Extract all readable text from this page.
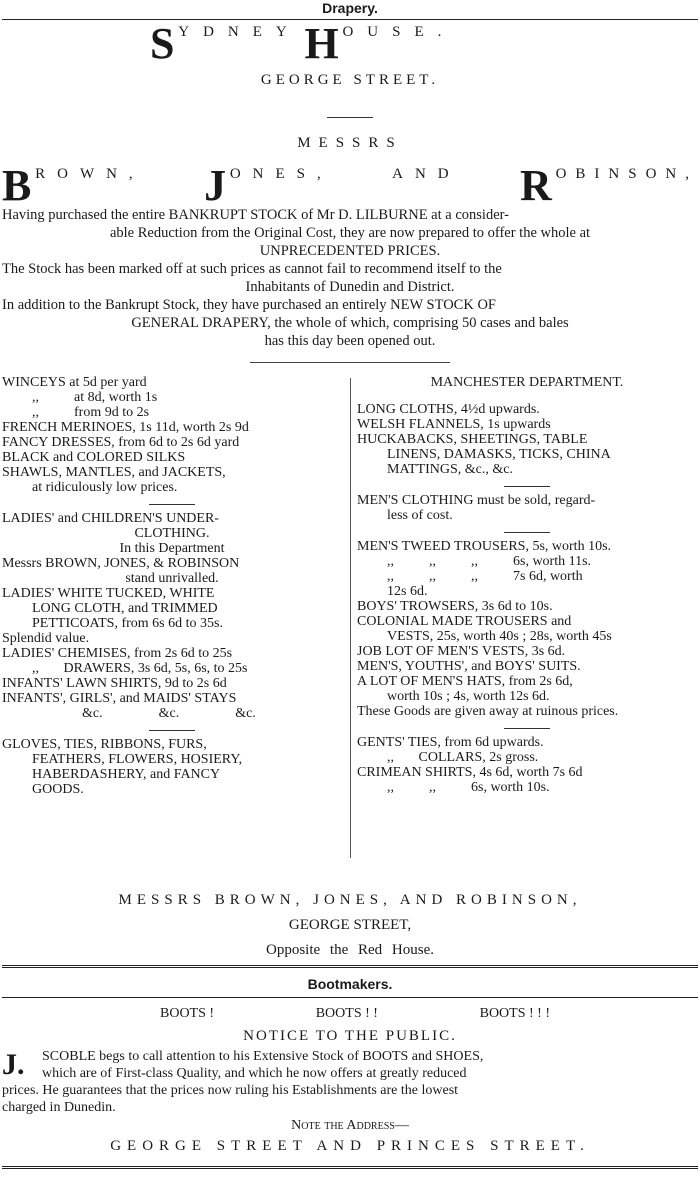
Drapery.
S YDNEY H OUSE.
GEORGE STREET.
MESSRS
B ROWN, J ONES,	AND R OBINSON,
Having purchased the entire BANKRUPT STOCK of Mr D. LILBURNE at a consider-
able Reduction from the Original Cost, they are now prepared to offer the whole at
UNPRECEDENTED PRICES.
The Stock has been marked off at such prices as cannot fail to recommend itself to the
Inhabitants of Dunedin and District.
In addition to the Bankrupt Stock, they have purchased an entirely NEW STOCK OF
GENERAL DRAPERY, the whole of which, comprising 50 cases and bales
has this day been opened out.

WINCEYS at 5d per yard

,,          at 8d, worth 1s

,,          from 9d to 2s

FRENCH MERINOES, 1s 11d, worth 2s 9d

FANCY DRESSES, from 6d to 2s 6d yard

BLACK and COLORED SILKS

SHAWLS, MANTLES, and JACKETS,

at ridiculously low prices.

LADIES' and CHILDREN'S UNDER-

CLOTHING.

In this Department

Messrs BROWN, JONES, & ROBINSON

stand unrivalled.

LADIES' WHITE TUCKED, WHITE

LONG CLOTH, and TRIMMED

PETTICOATS, from 6s 6d to 35s.

Splendid value.

LADIES' CHEMISES, from 2s 6d to 25s

,,       DRAWERS, 3s 6d, 5s, 6s, to 25s

INFANTS' LAWN SHIRTS, 9d to 2s 6d

INFANTS', GIRLS', and MAIDS' STAYS

&c.                &c.                &c.

GLOVES, TIES, RIBBONS, FURS,

FEATHERS, FLOWERS, HOSIERY,

HABERDASHERY, and FANCY

GOODS.

MANCHESTER DEPARTMENT.

LONG CLOTHS, 4½d upwards.

WELSH FLANNELS, 1s upwards

HUCKABACKS, SHEETINGS, TABLE

LINENS, DAMASKS, TICKS, CHINA

MATTINGS, &c., &c.

MEN'S CLOTHING must be sold, regard-

less of cost.

MEN'S TWEED TROUSERS, 5s, worth 10s.

,,          ,,          ,,          6s, worth 11s.

,,          ,,          ,,          7s 6d, worth

12s 6d.

BOYS' TROWSERS, 3s 6d to 10s.

COLONIAL MADE TROUSERS and

VESTS, 25s, worth 40s ; 28s, worth 45s

JOB LOT OF MEN'S VESTS, 3s 6d.

MEN'S, YOUTHS', and BOYS' SUITS.

A LOT OF MEN'S HATS, from 2s 6d,

worth 10s ; 4s, worth 12s 6d.

These Goods are given away at ruinous prices.

GENTS' TIES, from 6d upwards.

,,       COLLARS, 2s gross.

CRIMEAN SHIRTS, 4s 6d, worth 7s 6d

,,          ,,          6s, worth 10s.

MESSRS BROWN, JONES, AND ROBINSON,
GEORGE STREET,
Opposite the Red House.
Bootmakers.
BOOTS !	BOOTS ! !	BOOTS ! ! !
NOTICE TO THE PUBLIC.
J.	SCOBLE begs to call attention to his Extensive Stock of BOOTS and SHOES,
which are of First-class Quality, and which he now offers at greatly reduced
prices. He guarantees that the prices now ruling his Establishments are the lowest
charged in Dunedin.
Note the Address—
GEORGE STREET AND PRINCES STREET.
